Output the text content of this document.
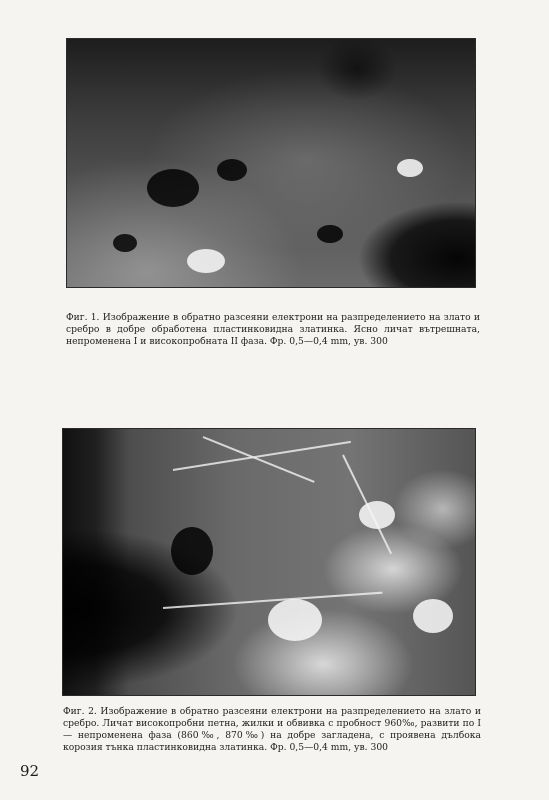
Фиг. 1. Изображение в обратно разсеяни електрони на разпределението на злато и сребро в добре обработена пластинковидна златинка. Ясно личат вътрешната, непроменена I и високопробната II фаза. Фр. 0,5—0,4 mm, ув. 300

Фиг. 2. Изображение в обратно разсеяни електрони на разпределението на злато и сребро. Личат високопробни петна, жилки и обвивка с пробност 960‰, развити по I — непроменена фаза (860‰, 870‰) на добре загладена, с проявена дълбока корозия тънка пластинковидна златинка. Фр. 0,5—0,4 mm, ув. 300

92
